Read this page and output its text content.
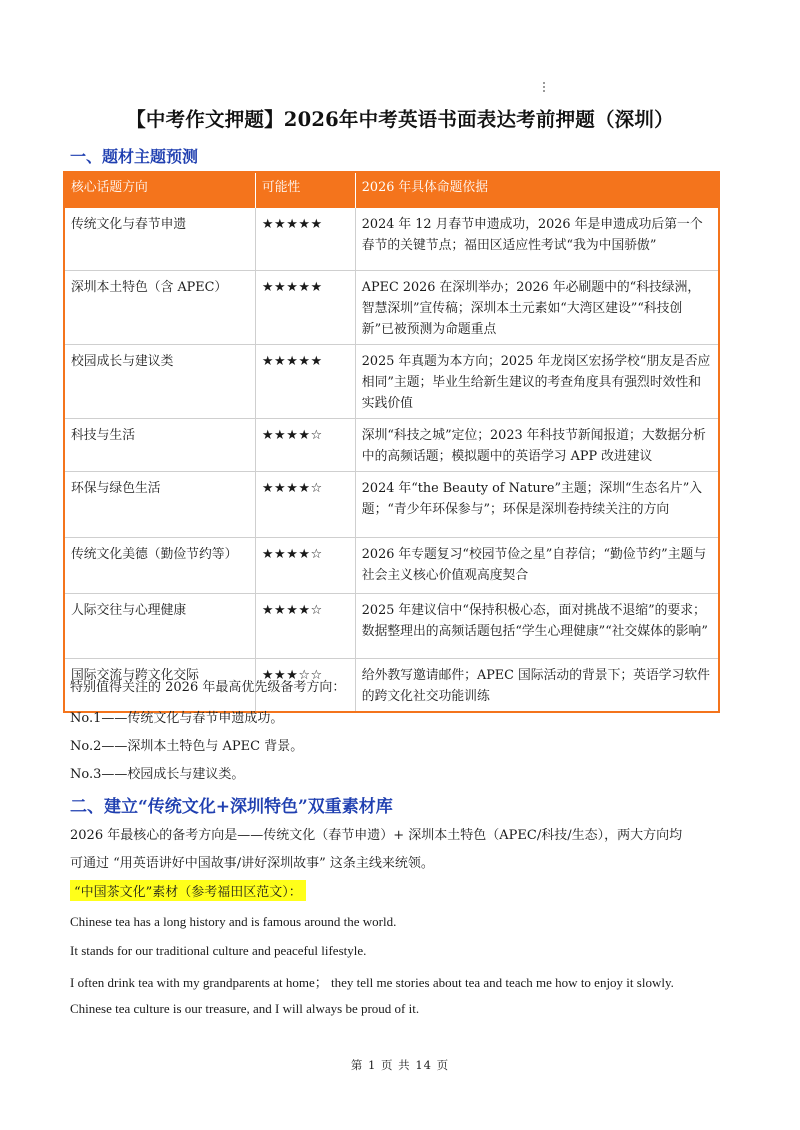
【中考作文押题】2026年中考英语书面表达考前押题（深圳）
一、题材主题预测
核心话题方向	可能性	2026 年具体命题依据
传统文化与春节申遗	★★★★★	2024 年 12 月春节申遗成功，2026 年是申遗成功后第一个春节的关键节点；福田区适应性考试“我为中国骄傲”
深圳本土特色（含 APEC）	★★★★★	APEC 2026 在深圳举办；2026 年必刷题中的“科技绿洲，智慧深圳”宣传稿；深圳本土元素如“大湾区建设”“科技创新”已被预测为命题重点
校园成长与建议类	★★★★★	2025 年真题为本方向；2025 年龙岗区宏扬学校“朋友是否应相同”主题；毕业生给新生建议的考查角度具有强烈时效性和实践价值
科技与生活	★★★★☆	深圳“科技之城”定位；2023 年科技节新闻报道；大数据分析中的高频话题；模拟题中的英语学习 APP 改进建议
环保与绿色生活	★★★★☆	2024 年“the Beauty of Nature”主题；深圳“生态名片”入题；“青少年环保参与”；环保是深圳卷持续关注的方向
传统文化美德（勤俭节约等）	★★★★☆	2026 年专题复习“校园节俭之星”自荐信；“勤俭节约”主题与社会主义核心价值观高度契合
人际交往与心理健康	★★★★☆	2025 年建议信中“保持积极心态，面对挑战不退缩”的要求；数据整理出的高频话题包括“学生心理健康”“社交媒体的影响”
国际交流与跨文化交际	★★★☆☆	给外教写邀请邮件；APEC 国际活动的背景下；英语学习软件的跨文化社交功能训练
特别值得关注的 2026 年最高优先级备考方向：
No.1——传统文化与春节申遗成功。
No.2——深圳本土特色与 APEC 背景。
No.3——校园成长与建议类。
二、建立“传统文化+深圳特色”双重素材库
2026 年最核心的备考方向是——传统文化（春节申遗）+ 深圳本土特色（APEC/科技/生态），两大方向均
可通过 “用英语讲好中国故事/讲好深圳故事” 这条主线来统领。
“中国茶文化”素材（参考福田区范文）：
Chinese tea has a long history and is famous around the world.
It stands for our traditional culture and peaceful lifestyle.
I often drink tea with my grandparents at home； they tell me stories about tea and teach me how to enjoy it slowly.
Chinese tea culture is our treasure, and I will always be proud of it.
第 1 页 共 14 页
